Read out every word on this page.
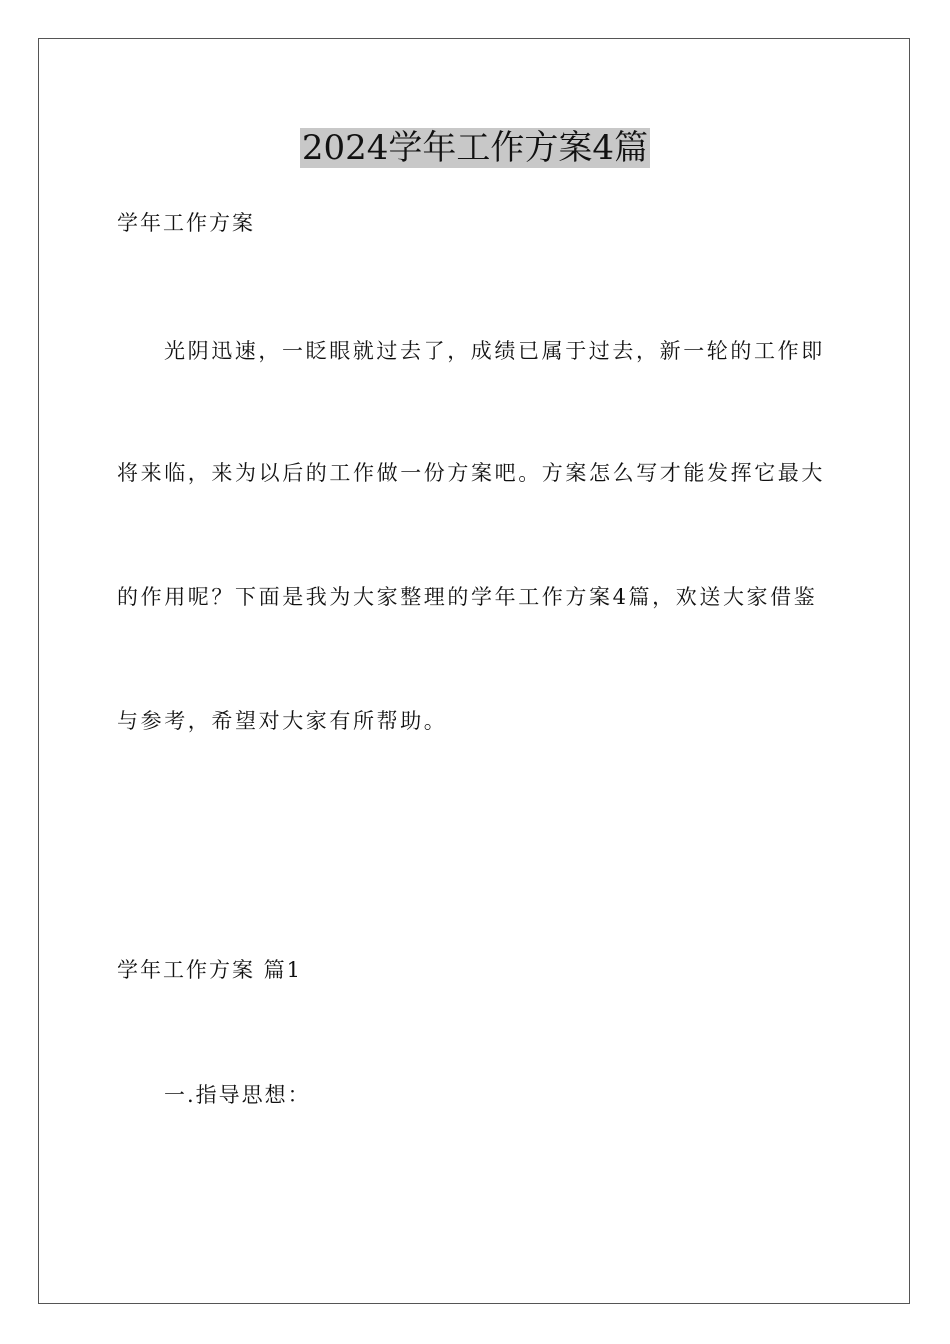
2024学年工作方案4篇
学年工作方案
光阴迅速，一眨眼就过去了，成绩已属于过去，新一轮的工作即
将来临，来为以后的工作做一份方案吧。方案怎么写才能发挥它最大
的作用呢？下面是我为大家整理的学年工作方案4篇，欢送大家借鉴
与参考，希望对大家有所帮助。
学年工作方案 篇1
一.指导思想：
